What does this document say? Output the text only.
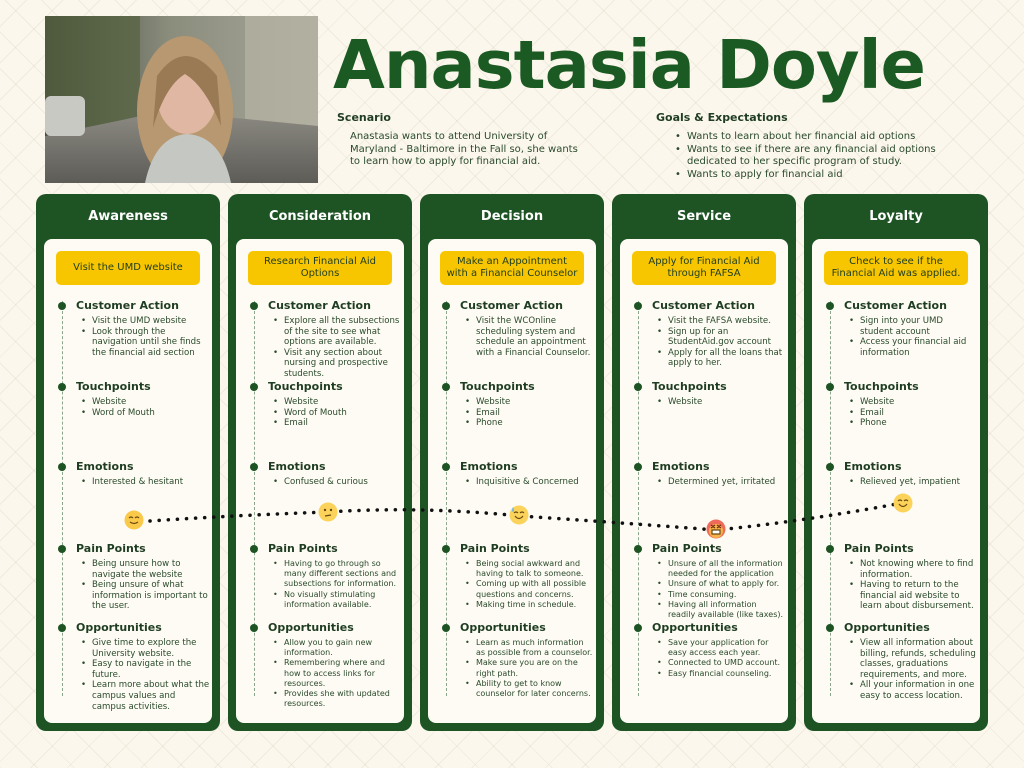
Anastasia Doyle
Scenario
Anastasia wants to attend University of Maryland - Baltimore in the Fall so, she wants to learn how to apply for financial aid.
Goals & Expectations
• Wants to learn about her financial aid options
• Wants to see if there are any financial aid options dedicated to her specific program of study.
• Wants to apply for financial aid
Awareness
Visit the UMD website
Customer Action
• Visit the UMD website
• Look through the navigation until she finds the financial aid section
Touchpoints
• Website
• Word of Mouth
Emotions
• Interested & hesitant
Pain Points
• Being unsure how to navigate the website
• Being unsure of what information is important to the user.
Opportunities
• Give time to explore the University website.
• Easy to navigate in the future.
• Learn more about what the campus values and campus activities.
Consideration
Research Financial Aid Options
Customer Action
• Explore all the subsections of the site to see what options are available.
• Visit any section about nursing and prospective students.
Touchpoints
• Website
• Word of Mouth
• Email
Emotions
• Confused & curious
Pain Points
• Having to go through so many different sections and subsections for information.
• No visually stimulating information available.
Opportunities
• Allow you to gain new information.
• Remembering where and how to access links for resources.
• Provides she with updated resources.
Decision
Make an Appointment with a Financial Counselor
Customer Action
• Visit the WCOnline scheduling system and schedule an appointment with a Financial Counselor.
Touchpoints
• Website
• Email
• Phone
Emotions
• Inquisitive & Concerned
Pain Points
• Being social awkward and having to talk to someone.
• Coming up with all possible questions and concerns.
• Making time in schedule.
Opportunities
• Learn as much information as possible from a counselor.
• Make sure you are on the right path.
• Ability to get to know counselor for later concerns.
Service
Apply for Financial Aid through FAFSA
Customer Action
• Visit the FAFSA website.
• Sign up for an StudentAid.gov account
• Apply for all the loans that apply to her.
Touchpoints
• Website
Emotions
• Determined yet, irritated
Pain Points
• Unsure of all the information needed for the application
• Unsure of what to apply for.
• Time consuming.
• Having all information readily available (like taxes).
Opportunities
• Save your application for easy access each year.
• Connected to UMD account.
• Easy financial counseling.
Loyalty
Check to see if the Financial Aid was applied.
Customer Action
• Sign into your UMD student account
• Access your financial aid information
Touchpoints
• Website
• Email
• Phone
Emotions
• Relieved yet, impatient
Pain Points
• Not knowing where to find information.
• Having to return to the financial aid website to learn about disbursement.
Opportunities
• View all information about billing, refunds, scheduling classes, graduations requirements, and more.
• All your information in one easy to access location.
